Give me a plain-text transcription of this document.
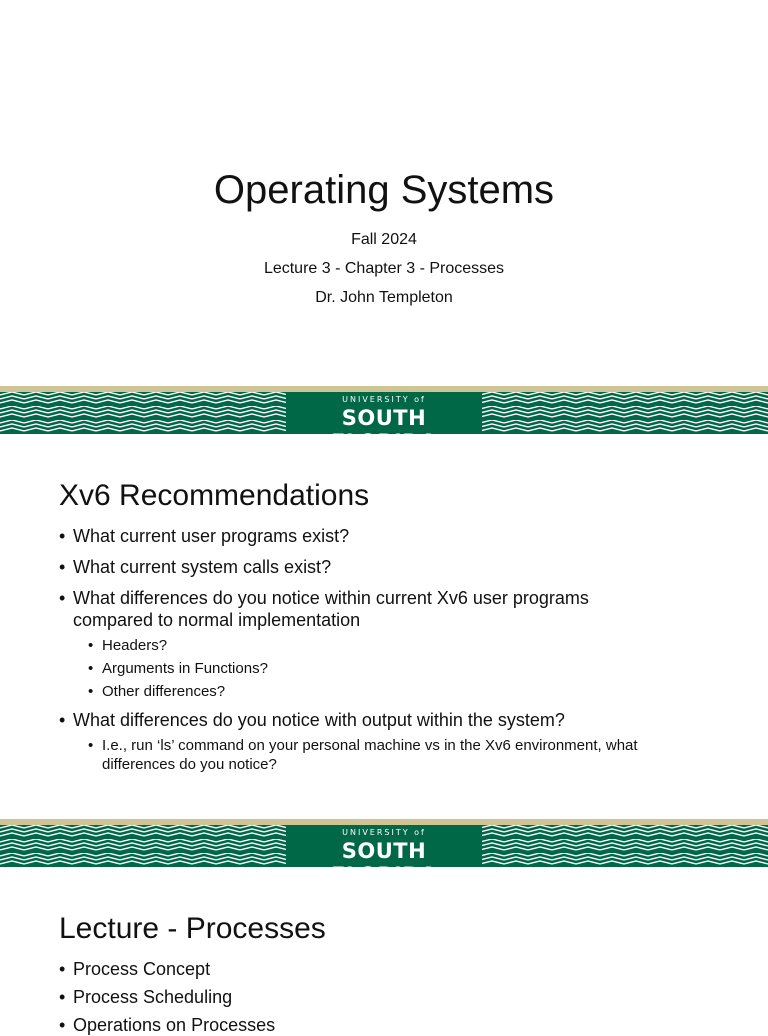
Operating Systems
Fall 2024
Lecture 3 - Chapter 3 - Processes
Dr. John Templeton
UNIVERSITY of
SOUTH
Xv6 Recommendations
• What current user programs exist?
• What current system calls exist?
• What differences do you notice within current Xv6 user programs compared to normal implementation
• Headers?
• Arguments in Functions?
• Other differences?
• What differences do you notice with output within the system?
• I.e., run ‘ls’ command on your personal machine vs in the Xv6 environment, what differences do you notice?
UNIVERSITY of
SOUTH
Lecture - Processes
• Process Concept
• Process Scheduling
• Operations on Processes
